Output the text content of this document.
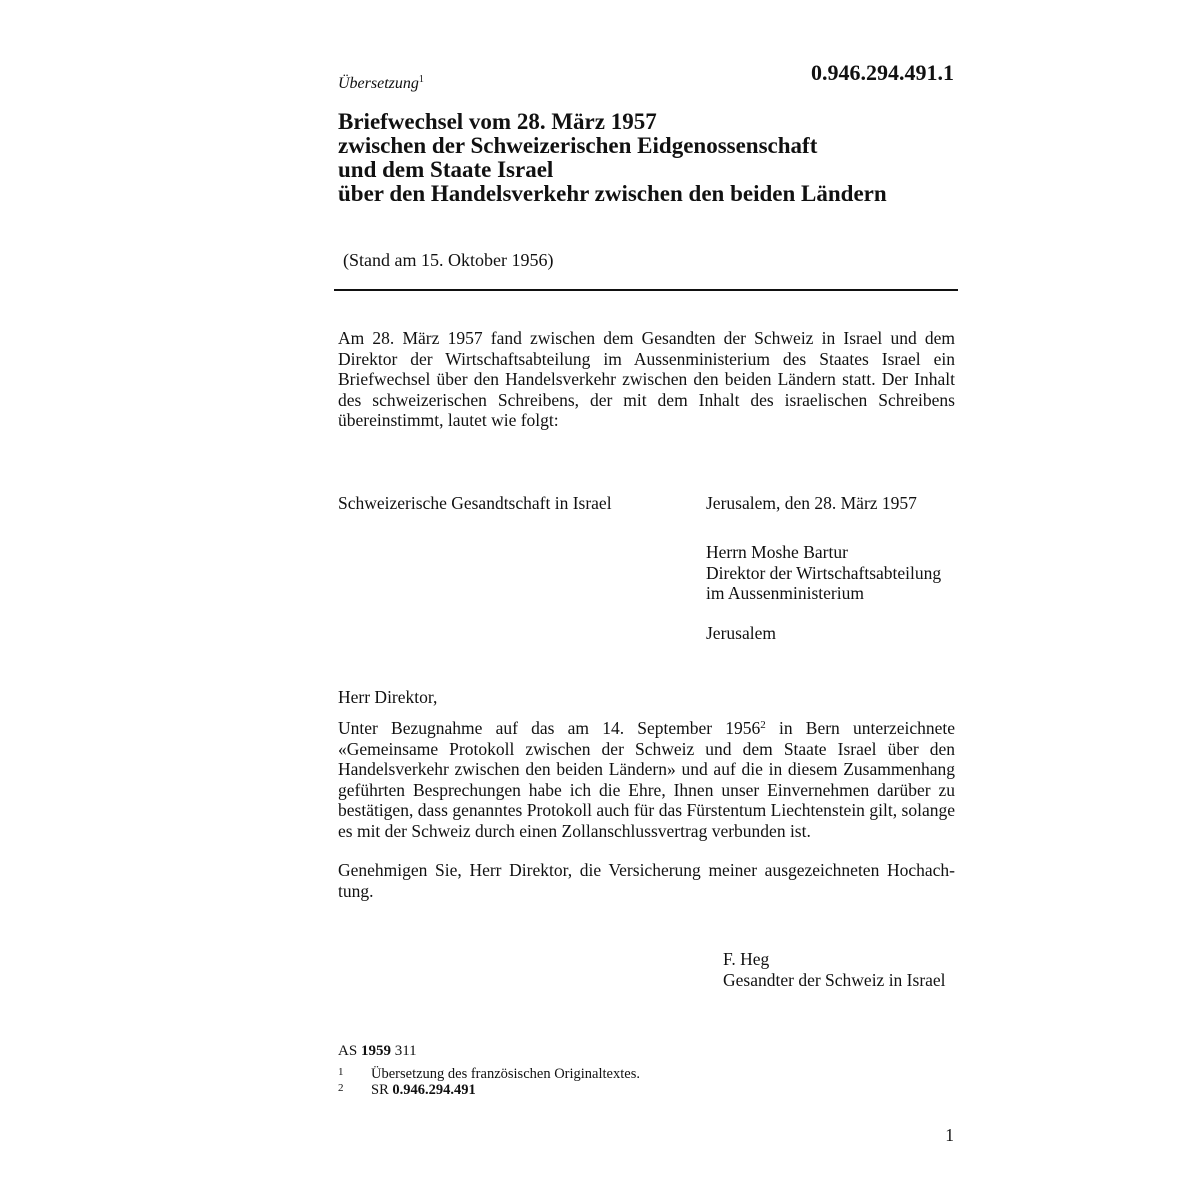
Übersetzung$^1$	0.946.294.491.1
Briefwechsel vom 28. März 1957
zwischen der Schweizerischen Eidgenossenschaft
und dem Staate Israel
über den Handelsverkehr zwischen den beiden Ländern
(Stand am 15. Oktober 1956)
Am 28. März 1957 fand zwischen dem Gesandten der Schweiz in Israel und dem Direktor der Wirtschaftsabteilung im Aussenministerium des Staates Israel ein Briefwechsel über den Handelsverkehr zwischen den beiden Ländern statt. Der Inhalt des schweizerischen Schreibens, der mit dem Inhalt des israelischen Schreibens übereinstimmt, lautet wie folgt:
Schweizerische Gesandtschaft in Israel	Jerusalem, den 28. März 1957
Herrn Moshe Bartur
Direktor der Wirtschaftsabteilung
im Aussenministerium
Jerusalem
Herr Direktor,
Unter Bezugnahme auf das am 14. September 1956$^2$ in Bern unterzeichnete «Gemeinsame Protokoll zwischen der Schweiz und dem Staate Israel über den Handelsverkehr zwischen den beiden Ländern» und auf die in diesem Zusammenhang geführten Besprechungen habe ich die Ehre, Ihnen unser Einvernehmen darüber zu bestätigen, dass genanntes Protokoll auch für das Fürstentum Liechtenstein gilt, solange es mit der Schweiz durch einen Zollanschlussvertrag verbunden ist.
Genehmigen Sie, Herr Direktor, die Versicherung meiner ausgezeichneten Hochachtung.
F. Heg
Gesandter der Schweiz in Israel
AS 1959 311
1 Übersetzung des französischen Originaltextes.
2 SR 0.946.294.491
1
